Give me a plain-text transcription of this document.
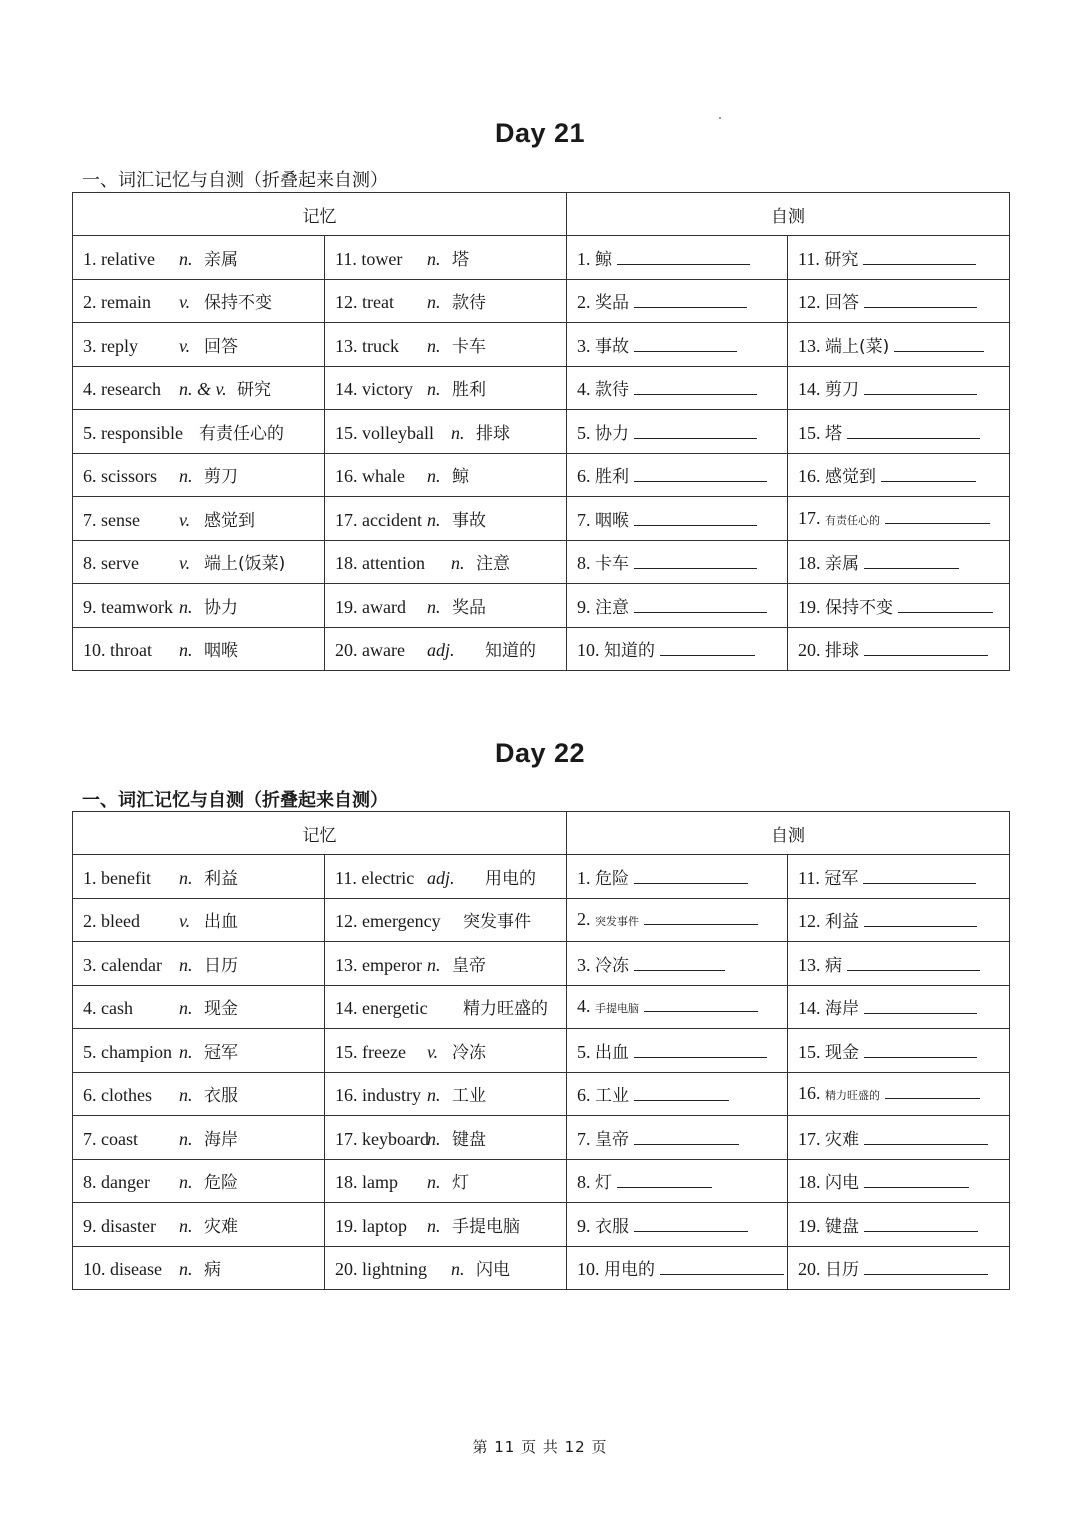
Day 21
一、词汇记忆与自测（折叠起来自测）
记忆		自测	
1. relative n. 亲属	11. tower n. 塔	1. 鲸	11. 研究
2. remain v. 保持不变	12. treat n. 款待	2. 奖品	12. 回答
3. reply v. 回答	13. truck n. 卡车	3. 事故	13. 端上(菜)
4. research n. & v. 研究	14. victory n. 胜利	4. 款待	14. 剪刀
5. responsible 有责任心的	15. volleyball n. 排球	5. 协力	15. 塔
6. scissors n. 剪刀	16. whale n. 鲸	6. 胜利	16. 感觉到
7. sense v. 感觉到	17. accident n. 事故	7. 咽喉	17. 有责任心的
8. serve v. 端上(饭菜)	18. attention n. 注意	8. 卡车	18. 亲属
9. teamwork n. 协力	19. award n. 奖品	9. 注意	19. 保持不变
10. throat n. 咽喉	20. aware adj. 知道的	10. 知道的	20. 排球
Day 22
一、词汇记忆与自测（折叠起来自测）
记忆		自测	
1. benefit n. 利益	11. electric adj. 用电的	1. 危险	11. 冠军
2. bleed v. 出血	12. emergency 突发事件	2. 突发事件	12. 利益
3. calendar n. 日历	13. emperor n. 皇帝	3. 冷冻	13. 病
4. cash n. 现金	14. energetic 精力旺盛的	4. 手提电脑	14. 海岸
5. champion n. 冠军	15. freeze v. 冷冻	5. 出血	15. 现金
6. clothes n. 衣服	16. industry n. 工业	6. 工业	16. 精力旺盛的
7. coast n. 海岸	17. keyboardn. 键盘	7. 皇帝	17. 灾难
8. danger n. 危险	18. lamp n. 灯	8. 灯	18. 闪电
9. disaster n. 灾难	19. laptop n. 手提电脑	9. 衣服	19. 键盘
10. disease n. 病	20. lightning n. 闪电	10. 用电的	20. 日历
第 11 页 共 12 页
